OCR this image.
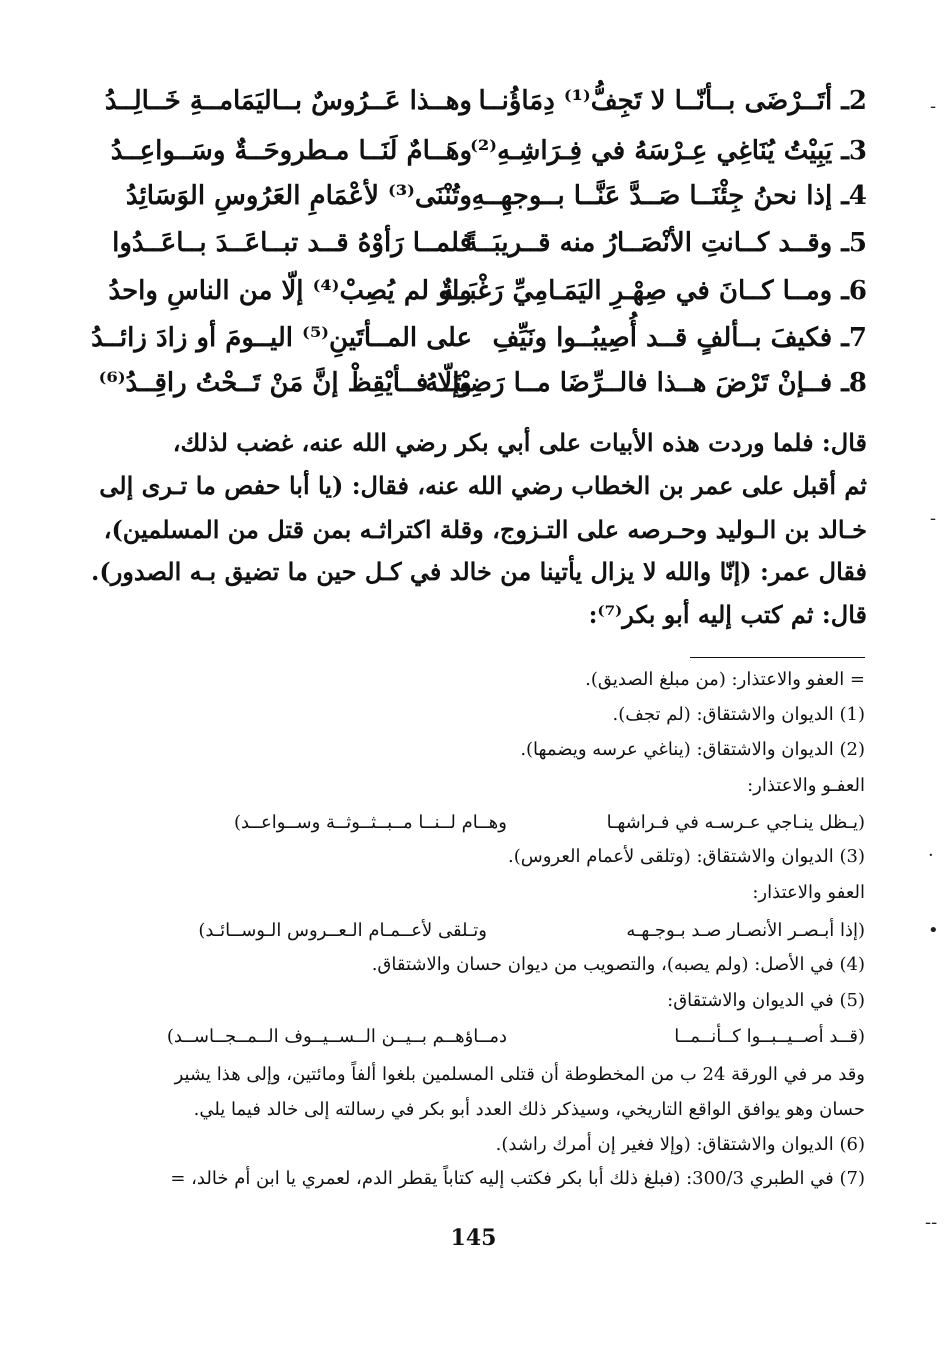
2ـ أتَــرْضَى بــأنّــا لا تَجِفُّ⁽¹⁾ دِمَاؤُنــا
وهــذا عَــرُوسٌ بــاليَمَامــةِ خَــالِــدُ
3ـ يَبِيْتُ يُنَاغِي عِـرْسَهُ في فِـرَاشِـهِ⁽²⁾
وهَــامٌ لَنَــا مـطروحَــةٌ وسَــواعِــدُ
4ـ إذا نحنُ جِئْنَــا صَــدَّ عَنَّــا بــوجهِــهِ
وتُنْنَى⁽³⁾ لأعْمَامِ العَرُوسِ الوَسَائِدُ
5ـ وقــد كــانتِ الأنْصَــارُ منه قــريبَــةً
فلمــا رَأوْهُ قــد تبــاعَــدَ بــاعَــدُوا
6ـ ومــا كــانَ في صِهْـرِ اليَمَـامِيِّ رَغْبَــةٌ
ولو لم يُصِبْ⁽⁴⁾ إلّا من الناسِ واحدُ
7ـ فكيفَ بــألفٍ قــد أُصِيبُــوا ونَيِّفِ
على المــأتَينِ⁽⁵⁾ اليــومَ أو زادَ زائــدُ
8ـ فــإنْ تَرْضَ هــذا فالــرِّضَا مــا رَضِيْتَــهُ
وإلّا فــأيْقِظْ إنَّ مَنْ تَــحْتُ راقِــدُ⁽⁶⁾
قال: فلما وردت هذه الأبيات على أبي بكر رضي الله عنه، غضب لذلك،
ثم أقبل على عمر بن الخطاب رضي الله عنه، فقال: (يا أبا حفص ما تـرى إلى
خـالد بن الـوليد وحـرصه على التـزوج، وقلة اكتراثـه بمن قتل من المسلمين)،
فقال عمر: (إنّا والله لا يزال يأتينا من خالد في كـل حين ما تضيق بـه الصدور).
قال: ثم كتب إليه أبو بكر⁽⁷⁾:
= العفو والاعتذار: (من مبلغ الصديق).
(1) الديوان والاشتقاق: (لم تجف).
(2) الديوان والاشتقاق: (يناغي عرسه ويضمها).
العفـو والاعتذار:
(يـظل ينـاجي عـرسـه في فـراشهـا
وهــام لــنــا مــبــثــوثــة وســواعــد)
(3) الديوان والاشتقاق: (وتلقى لأعمام العروس).
العفو والاعتذار:
(إذا أبـصـر الأنصـار صـد بـوجـهـه
وتـلقى لأعــمـام الـعــروس الـوســائـد)
(4) في الأصل: (ولم يصبه)، والتصويب من ديوان حسان والاشتقاق.
(5) في الديوان والاشتقاق:
(قــد أصــيــبــوا كــأنــمــا
دمــاؤهــم بــيــن الــســيــوف الــمــجــاســد)
وقد مر في الورقة 24 ب من المخطوطة أن قتلى المسلمين بلغوا ألفاً ومائتين، وإلى هذا يشير
حسان وهو يوافق الواقع التاريخي، وسيذكر ذلك العدد أبو بكر في رسالته إلى خالد فيما يلي.
(6) الديوان والاشتقاق: (وإلا فغير إن أمرك راشد).
(7) في الطبري 300/3: (فبلغ ذلك أبا بكر فكتب إليه كتاباً يقطر الدم، لعمري يا ابن أم خالد، =
145
-
-
·
•
--
